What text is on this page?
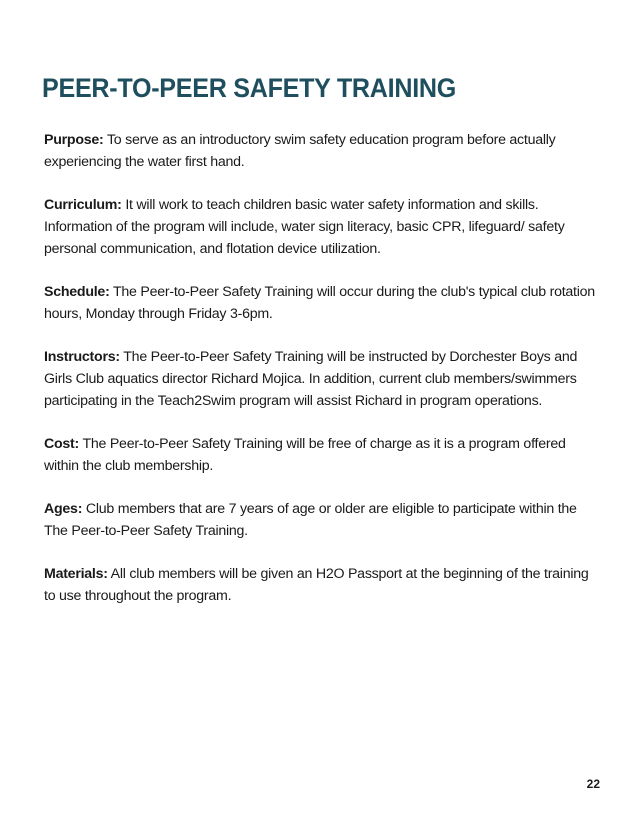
PEER-TO-PEER SAFETY TRAINING

Purpose: To serve as an introductory swim safety education program before actually experiencing the water first hand.

Curriculum: It will work to teach children basic water safety information and skills. Information of the program will include, water sign literacy, basic CPR, lifeguard/ safety personal communication, and flotation device utilization.

Schedule: The Peer-to-Peer Safety Training will occur during the club's typical club rotation hours, Monday through Friday 3-6pm.

Instructors: The Peer-to-Peer Safety Training will be instructed by Dorchester Boys and Girls Club aquatics director Richard Mojica. In addition, current club members/swimmers participating in the Teach2Swim program will assist Richard in program operations.

Cost: The Peer-to-Peer Safety Training will be free of charge as it is a program offered within the club membership.

Ages: Club members that are 7 years of age or older are eligible to participate within the The Peer-to-Peer Safety Training.

Materials: All club members will be given an H2O Passport at the beginning of the training to use throughout the program.

22
